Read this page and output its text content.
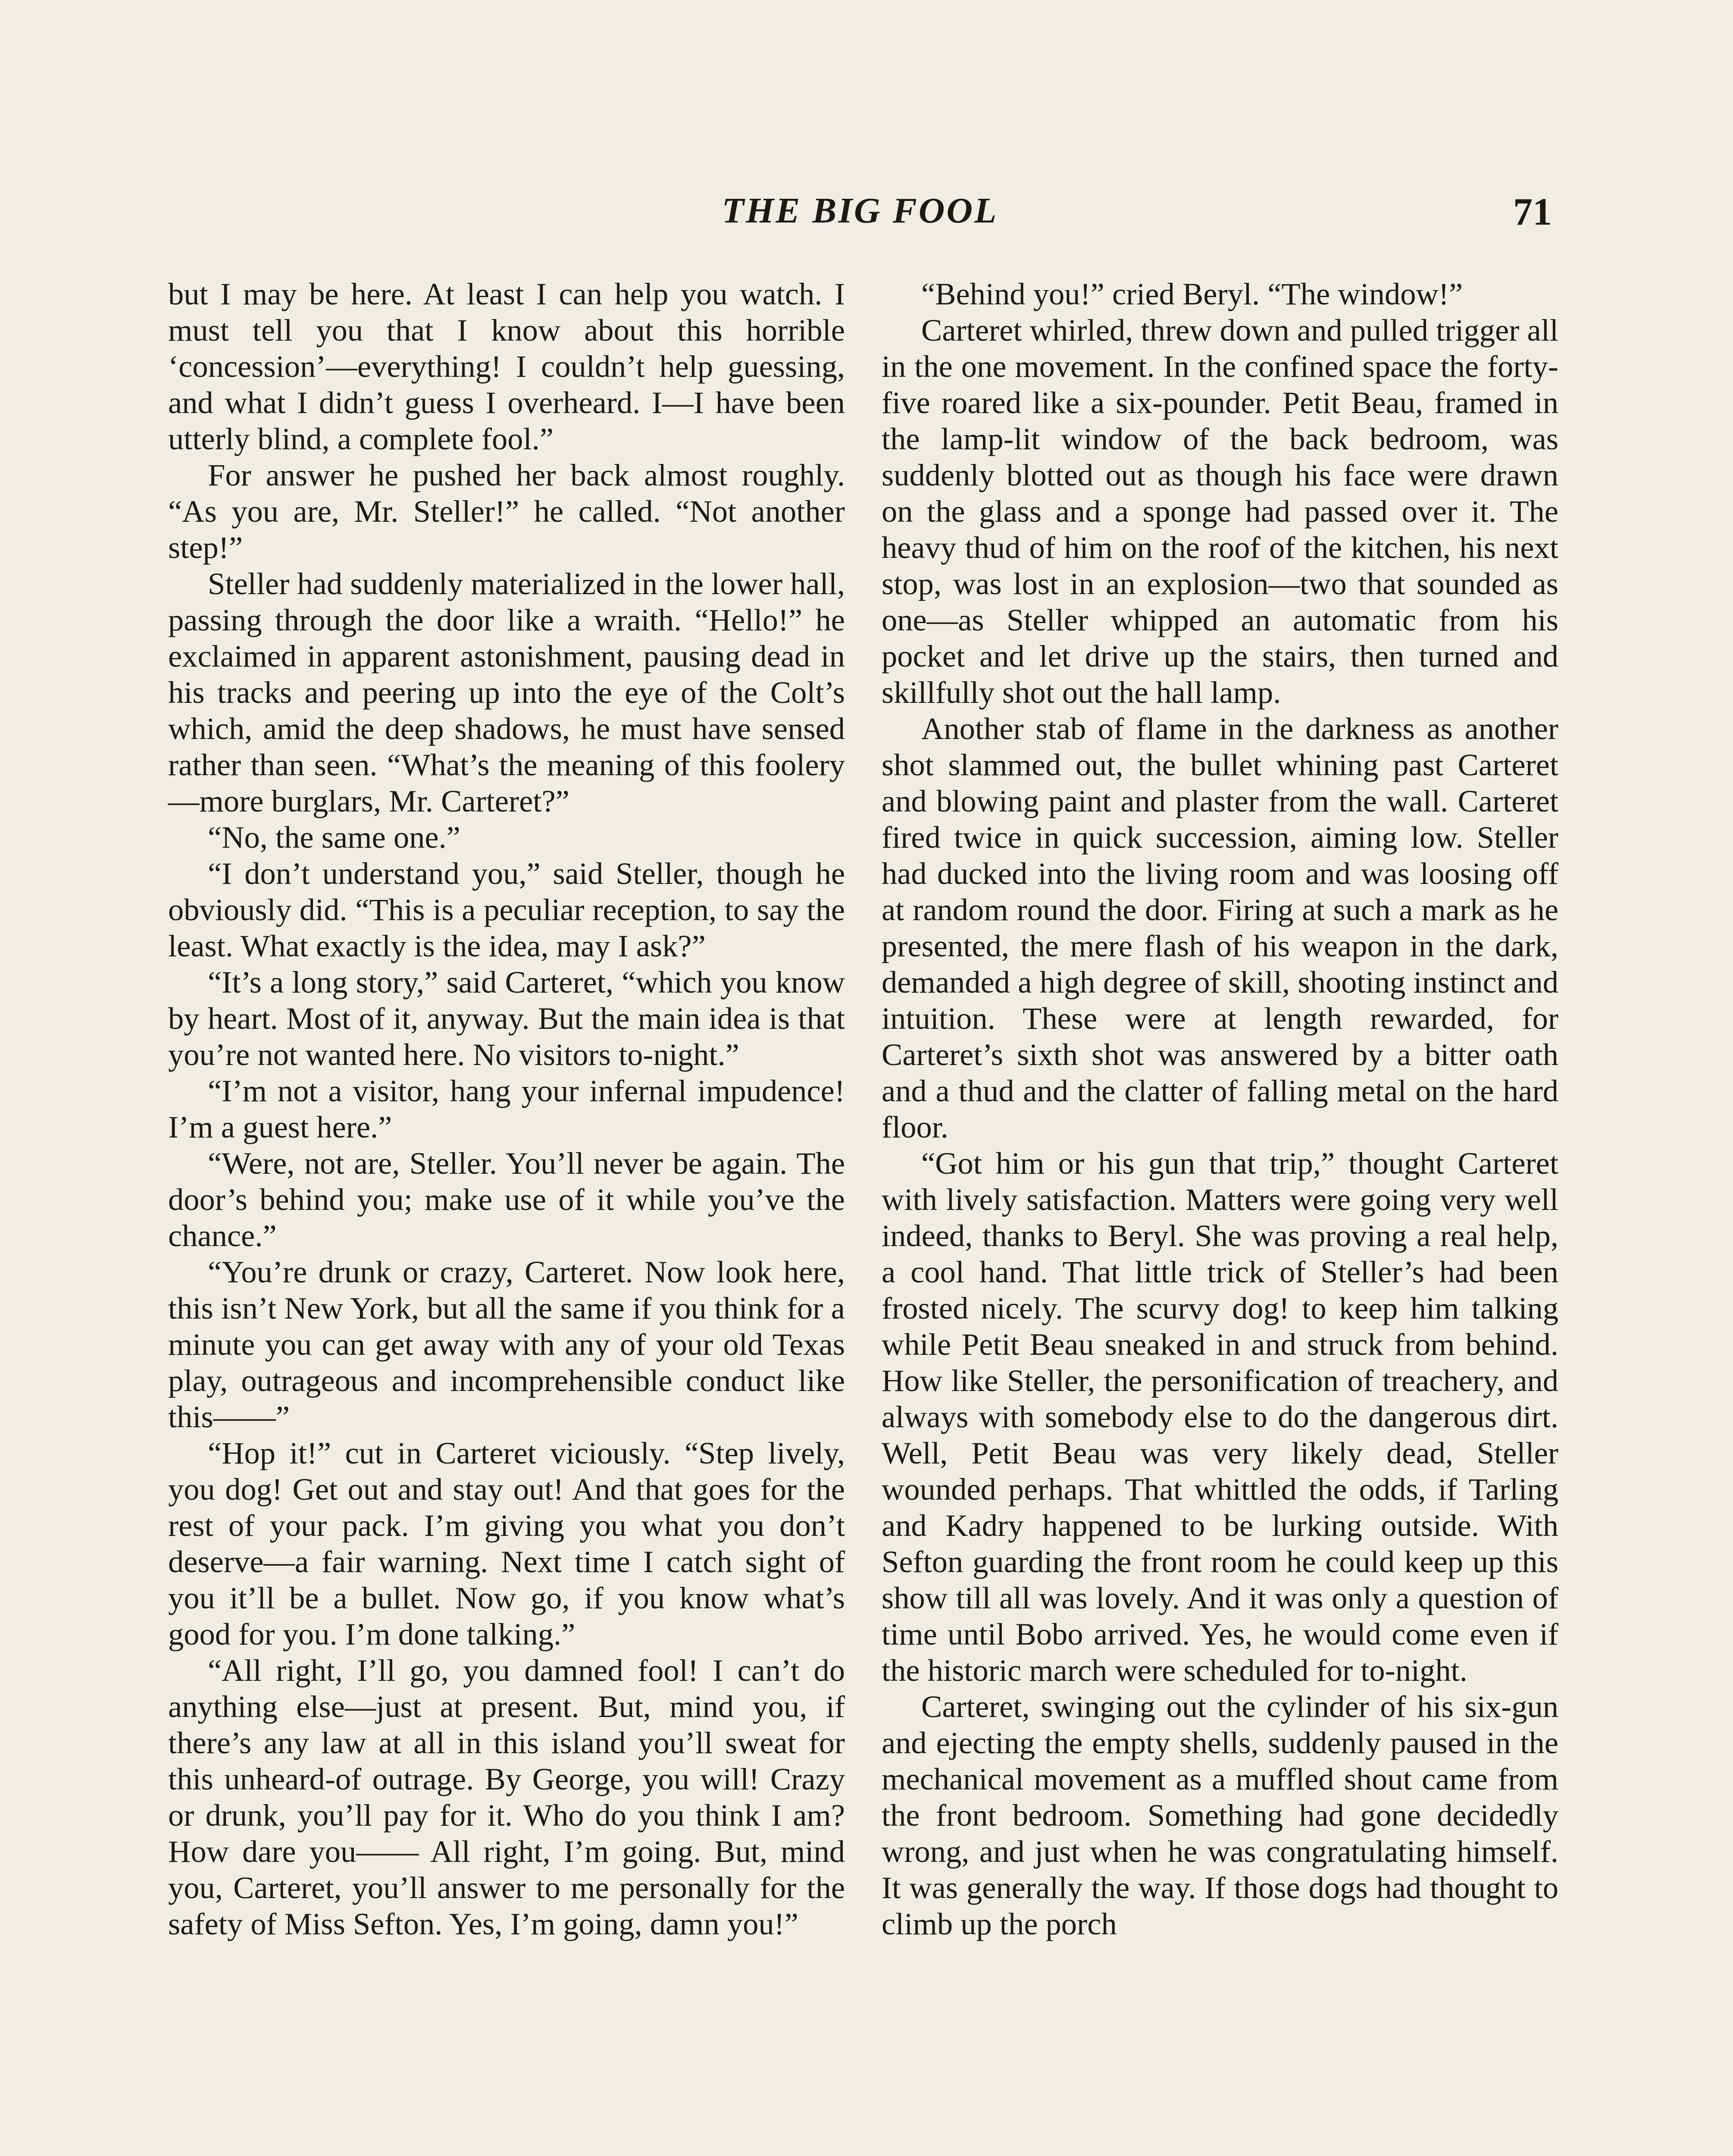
THE BIG FOOL	71

but I may be here. At least I can help you watch. I must tell you that I know about this horrible ‘concession’—everything! I couldn’t help guessing, and what I didn’t guess I overheard. I—I have been utterly blind, a complete fool.”

For answer he pushed her back almost roughly. “As you are, Mr. Steller!” he called. “Not another step!”

Steller had suddenly materialized in the lower hall, passing through the door like a wraith. “Hello!” he exclaimed in apparent astonishment, pausing dead in his tracks and peering up into the eye of the Colt’s which, amid the deep shadows, he must have sensed rather than seen. “What’s the meaning of this foolery—more burglars, Mr. Carteret?”

“No, the same one.”

“I don’t understand you,” said Steller, though he obviously did. “This is a peculiar reception, to say the least. What exactly is the idea, may I ask?”

“It’s a long story,” said Carteret, “which you know by heart. Most of it, anyway. But the main idea is that you’re not wanted here. No visitors to-night.”

“I’m not a visitor, hang your infernal impudence! I’m a guest here.”

“Were, not are, Steller. You’ll never be again. The door’s behind you; make use of it while you’ve the chance.”

“You’re drunk or crazy, Carteret. Now look here, this isn’t New York, but all the same if you think for a minute you can get away with any of your old Texas play, outrageous and incomprehensible conduct like this——”

“Hop it!” cut in Carteret viciously. “Step lively, you dog! Get out and stay out! And that goes for the rest of your pack. I’m giving you what you don’t deserve—a fair warning. Next time I catch sight of you it’ll be a bullet. Now go, if you know what’s good for you. I’m done talking.”

“All right, I’ll go, you damned fool! I can’t do anything else—just at present. But, mind you, if there’s any law at all in this island you’ll sweat for this unheard-of outrage. By George, you will! Crazy or drunk, you’ll pay for it. Who do you think I am? How dare you—— All right, I’m going. But, mind you, Carteret, you’ll answer to me personally for the safety of Miss Sefton. Yes, I’m going, damn you!”

“Behind you!” cried Beryl. “The window!”

Carteret whirled, threw down and pulled trigger all in the one movement. In the confined space the forty-five roared like a six-pounder. Petit Beau, framed in the lamp-lit window of the back bedroom, was suddenly blotted out as though his face were drawn on the glass and a sponge had passed over it. The heavy thud of him on the roof of the kitchen, his next stop, was lost in an explosion—two that sounded as one—as Steller whipped an automatic from his pocket and let drive up the stairs, then turned and skillfully shot out the hall lamp.

Another stab of flame in the darkness as another shot slammed out, the bullet whining past Carteret and blowing paint and plaster from the wall. Carteret fired twice in quick succession, aiming low. Steller had ducked into the living room and was loosing off at random round the door. Firing at such a mark as he presented, the mere flash of his weapon in the dark, demanded a high degree of skill, shooting instinct and intuition. These were at length rewarded, for Carteret’s sixth shot was answered by a bitter oath and a thud and the clatter of falling metal on the hard floor.

“Got him or his gun that trip,” thought Carteret with lively satisfaction. Matters were going very well indeed, thanks to Beryl. She was proving a real help, a cool hand. That little trick of Steller’s had been frosted nicely. The scurvy dog! to keep him talking while Petit Beau sneaked in and struck from behind. How like Steller, the personification of treachery, and always with somebody else to do the dangerous dirt. Well, Petit Beau was very likely dead, Steller wounded perhaps. That whittled the odds, if Tarling and Kadry happened to be lurking outside. With Sefton guarding the front room he could keep up this show till all was lovely. And it was only a question of time until Bobo arrived. Yes, he would come even if the historic march were scheduled for to-night.

Carteret, swinging out the cylinder of his six-gun and ejecting the empty shells, suddenly paused in the mechanical movement as a muffled shout came from the front bedroom. Something had gone decidedly wrong, and just when he was congratulating himself. It was generally the way. If those dogs had thought to climb up the porch
